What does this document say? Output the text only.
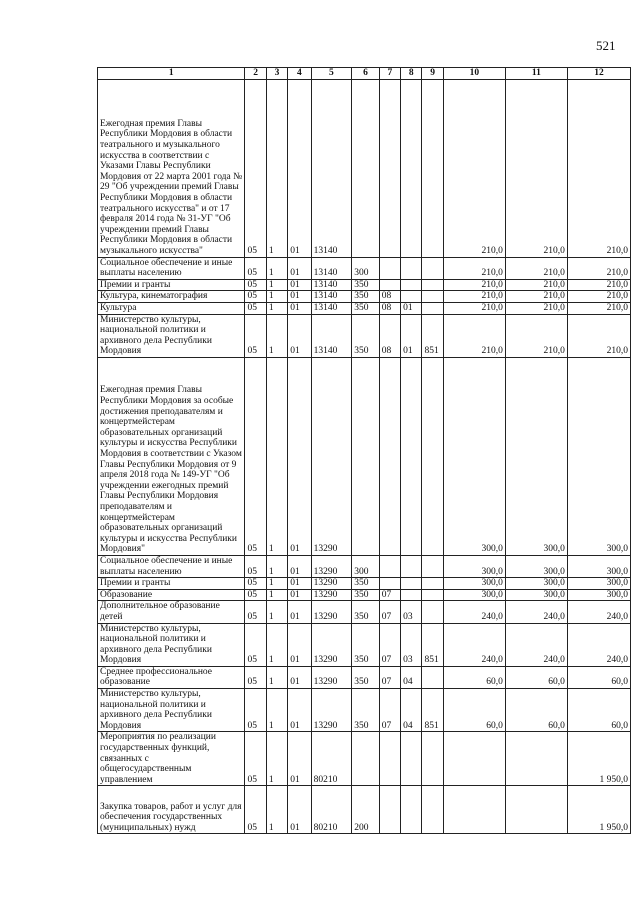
521
1	2	3	4	5	6	7	8	9	10	11	12
Ежегодная премия Главы Республики Мордовия в области театрального и музыкального искусства в соответствии с Указами Главы Республики Мордовия от 22 марта 2001 года № 29 "Об учреждении премий Главы Республики Мордовия в области театрального искусства" и от 17 февраля 2014 года № 31-УГ "Об учреждении премий Главы Республики Мордовия в области музыкального искусства"	05	1	01	13140					210,0	210,0	210,0
Социальное обеспечение и иные выплаты населению	05	1	01	13140	300				210,0	210,0	210,0
Премии и гранты	05	1	01	13140	350				210,0	210,0	210,0
Культура, кинематография	05	1	01	13140	350	08			210,0	210,0	210,0
Культура	05	1	01	13140	350	08	01		210,0	210,0	210,0
Министерство культуры, национальной политики и архивного дела Республики Мордовия	05	1	01	13140	350	08	01	851	210,0	210,0	210,0
Ежегодная премия Главы Республики Мордовия за особые достижения преподавателям и концертмейстерам образовательных организаций культуры и искусства Республики Мордовия в соответствии с Указом Главы Республики Мордовия от 9 апреля 2018 года № 149-УГ "Об учреждении ежегодных премий Главы Республики Мордовия преподавателям и концертмейстерам образовательных организаций культуры и искусства Республики Мордовия"	05	1	01	13290					300,0	300,0	300,0
Социальное обеспечение и иные выплаты населению	05	1	01	13290	300				300,0	300,0	300,0
Премии и гранты	05	1	01	13290	350				300,0	300,0	300,0
Образование	05	1	01	13290	350	07			300,0	300,0	300,0
Дополнительное образование детей	05	1	01	13290	350	07	03		240,0	240,0	240,0
Министерство культуры, национальной политики и архивного дела Республики Мордовия	05	1	01	13290	350	07	03	851	240,0	240,0	240,0
Среднее профессиональное образование	05	1	01	13290	350	07	04		60,0	60,0	60,0
Министерство культуры, национальной политики и архивного дела Республики Мордовия	05	1	01	13290	350	07	04	851	60,0	60,0	60,0
Мероприятия по реализации государственных функций, связанных с общегосударственным управлением	05	1	01	80210							1 950,0
Закупка товаров, работ и услуг для обеспечения государственных (муниципальных) нужд	05	1	01	80210	200						1 950,0
